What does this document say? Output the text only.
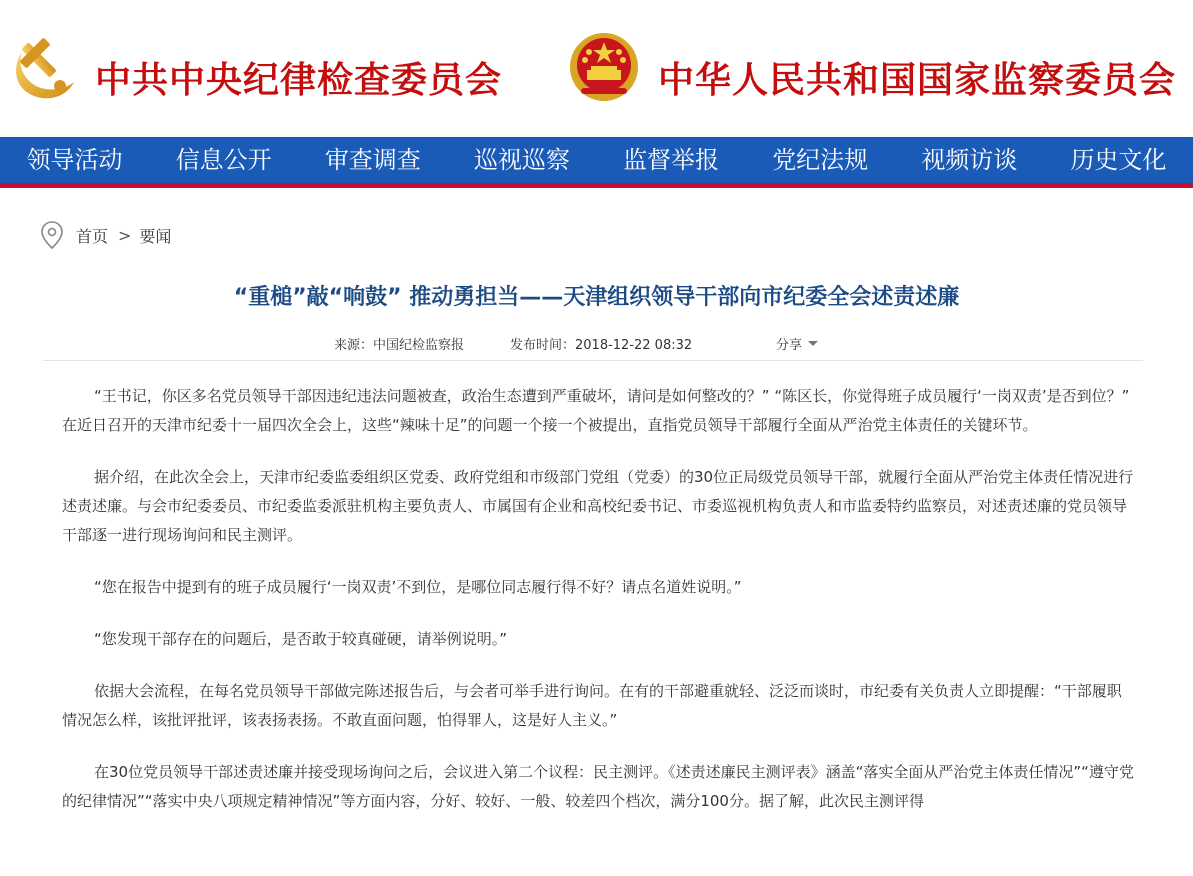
中共中央纪律检查委员会	中华人民共和国国家监察委员会
领导活动	信息公开	审查调查	巡视巡察	监督举报	党纪法规	视频访谈	历史文化
首页 > 要闻
“重槌”敲“响鼓” 推动勇担当——天津组织领导干部向市纪委全会述责述廉
来源：中国纪检监察报	发布时间：2018-12-22 08:32	分享

“王书记，你区多名党员领导干部因违纪违法问题被查，政治生态遭到严重破坏，请问是如何整改的？” “陈区长，你觉得班子成员履行‘一岗双责’是否到位？” 在近日召开的天津市纪委十一届四次全会上，这些“辣味十足”的问题一个接一个被提出，直指党员领导干部履行全面从严治党主体责任的关键环节。

据介绍，在此次全会上，天津市纪委监委组织区党委、政府党组和市级部门党组（党委）的30位正局级党员领导干部，就履行全面从严治党主体责任情况进行述责述廉。与会市纪委委员、市纪委监委派驻机构主要负责人、市属国有企业和高校纪委书记、市委巡视机构负责人和市监委特约监察员，对述责述廉的党员领导干部逐一进行现场询问和民主测评。

“您在报告中提到有的班子成员履行‘一岗双责’不到位，是哪位同志履行得不好？请点名道姓说明。”

“您发现干部存在的问题后，是否敢于较真碰硬，请举例说明。”

依据大会流程，在每名党员领导干部做完陈述报告后，与会者可举手进行询问。在有的干部避重就轻、泛泛而谈时，市纪委有关负责人立即提醒：“干部履职情况怎么样，该批评批评，该表扬表扬。不敢直面问题，怕得罪人，这是好人主义。”

在30位党员领导干部述责述廉并接受现场询问之后，会议进入第二个议程：民主测评。《述责述廉民主测评表》涵盖“落实全面从严治党主体责任情况”“遵守党的纪律情况”“落实中央八项规定精神情况”等方面内容，分好、较好、一般、较差四个档次，满分100分。据了解，此次民主测评得
